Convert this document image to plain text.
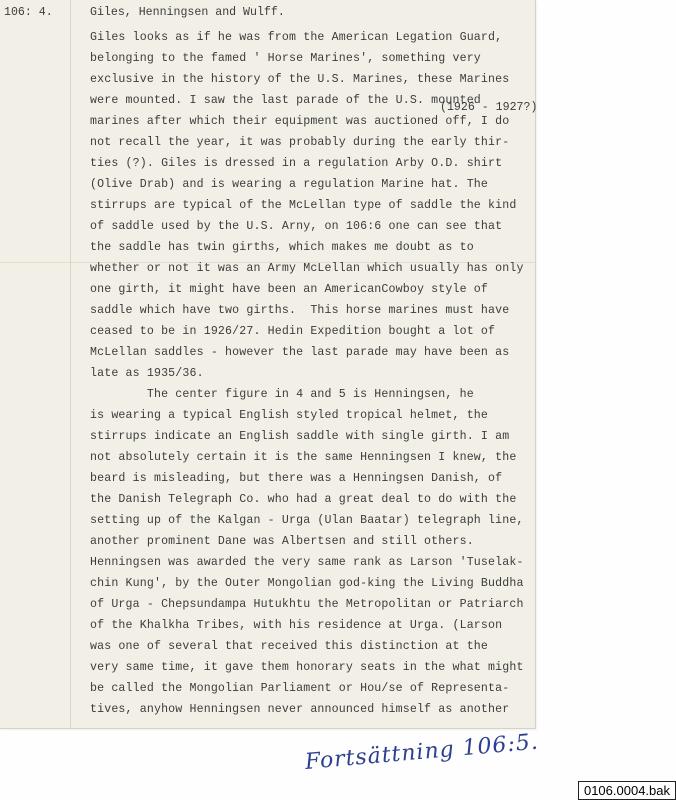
106: 4.	Giles, Henningsen and Wulff.
(1926 - 1927?)
Giles looks as if he was from the American Legation Guard,
belonging to the famed ' Horse Marines', something very
exclusive in the history of the U.S. Marines, these Marines
were mounted. I saw the last parade of the U.S. mounted
marines after which their equipment was auctioned off, I do
not recall the year, it was probably during the early thir-
ties (?). Giles is dressed in a regulation Arby O.D. shirt
(Olive Drab) and is wearing a regulation Marine hat. The
stirrups are typical of the McLellan type of saddle the kind
of saddle used by the U.S. Arny, on 106:6 one can see that
the saddle has twin girths, which makes me doubt as to
whether or not it was an Army McLellan which usually has only
one girth, it might have been an AmericanCowboy style of
saddle which have two girths.  This horse marines must have
ceased to be in 1926/27. Hedin Expedition bought a lot of
McLellan saddles - however the last parade may have been as
late as 1935/36.
The center figure in 4 and 5 is Henningsen, he
is wearing a typical English styled tropical helmet, the
stirrups indicate an English saddle with single girth. I am
not absolutely certain it is the same Henningsen I knew, the
beard is misleading, but there was a Henningsen Danish, of
the Danish Telegraph Co. who had a great deal to do with the
setting up of the Kalgan - Urga (Ulan Baatar) telegraph line,
another prominent Dane was Albertsen and still others.
Henningsen was awarded the very same rank as Larson 'Tuselak-
chin Kung', by the Outer Mongolian god-king the Living Buddha
of Urga - Chepsundampa Hutukhtu the Metropolitan or Patriarch
of the Khalkha Tribes, with his residence at Urga. (Larson
was one of several that received this distinction at the
very same time, it gave them honorary seats in the what might
be called the Mongolian Parliament or Hou/se of Representa-
tives, anyhow Henningsen never announced himself as another
Fortsättning 106:5.
0106.0004.bak
